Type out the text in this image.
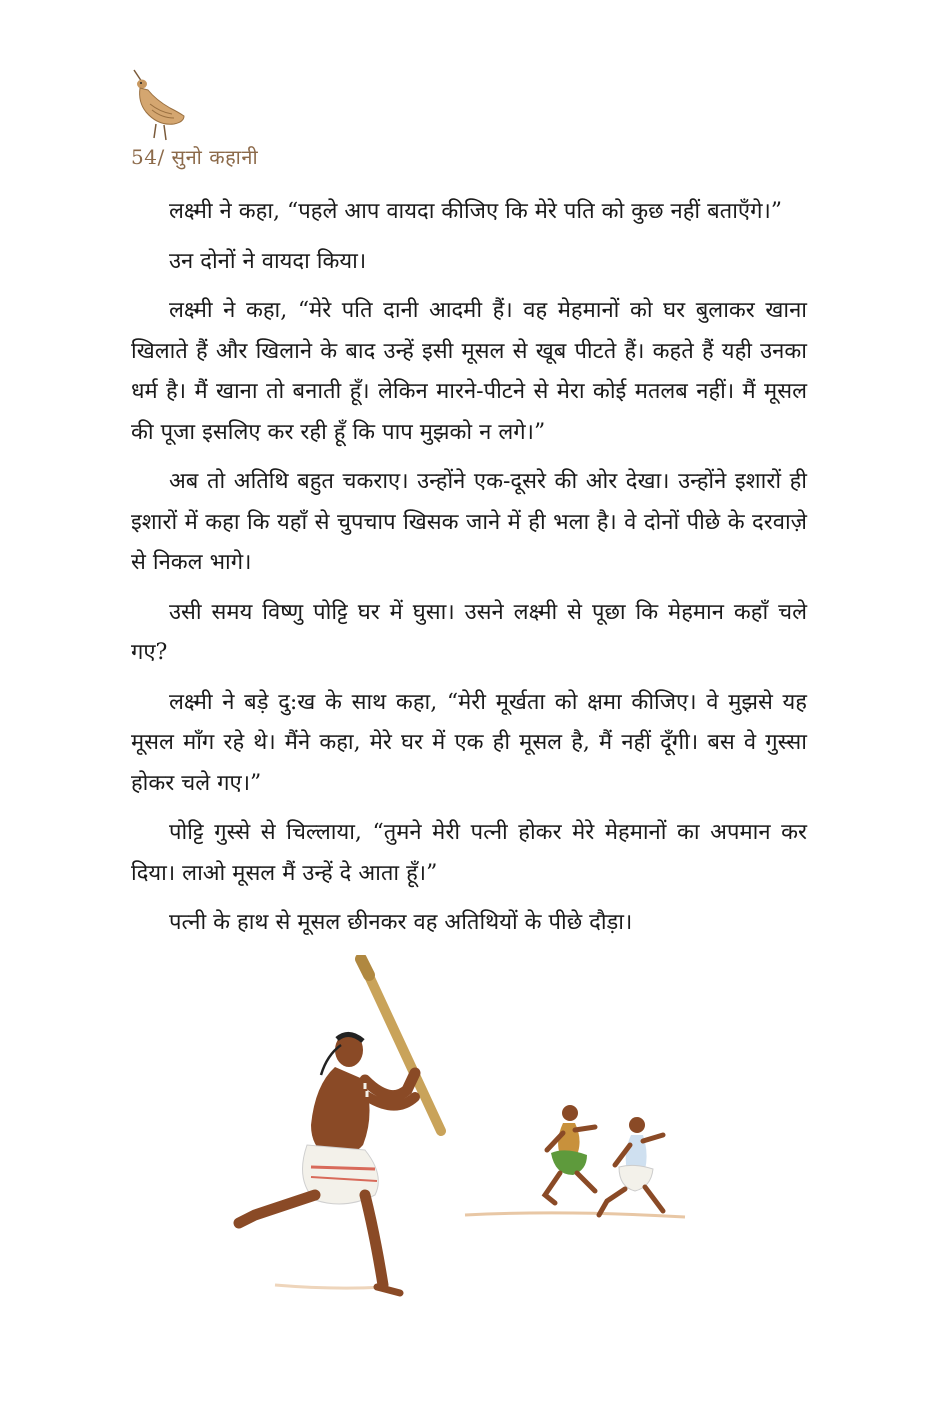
54/ सुनो कहानी

लक्ष्मी ने कहा, “पहले आप वायदा कीजिए कि मेरे पति को कुछ नहीं बताएँगे।”

उन दोनों ने वायदा किया।

लक्ष्मी ने कहा, “मेरे पति दानी आदमी हैं। वह मेहमानों को घर बुलाकर खाना खिलाते हैं और खिलाने के बाद उन्हें इसी मूसल से खूब पीटते हैं। कहते हैं यही उनका धर्म है। मैं खाना तो बनाती हूँ। लेकिन मारने-पीटने से मेरा कोई मतलब नहीं। मैं मूसल की पूजा इसलिए कर रही हूँ कि पाप मुझको न लगे।”

अब तो अतिथि बहुत चकराए। उन्होंने एक-दूसरे की ओर देखा। उन्होंने इशारों ही इशारों में कहा कि यहाँ से चुपचाप खिसक जाने में ही भला है। वे दोनों पीछे के दरवाज़े से निकल भागे।

उसी समय विष्णु पोट्टि घर में घुसा। उसने लक्ष्मी से पूछा कि मेहमान कहाँ चले गए?

लक्ष्मी ने बड़े दु:ख के साथ कहा, “मेरी मूर्खता को क्षमा कीजिए। वे मुझसे यह मूसल माँग रहे थे। मैंने कहा, मेरे घर में एक ही मूसल है, मैं नहीं दूँगी। बस वे गुस्सा होकर चले गए।”

पोट्टि गुस्से से चिल्लाया, “तुमने मेरी पत्नी होकर मेरे मेहमानों का अपमान कर दिया। लाओ मूसल मैं उन्हें दे आता हूँ।”

पत्नी के हाथ से मूसल छीनकर वह अतिथियों के पीछे दौड़ा।
